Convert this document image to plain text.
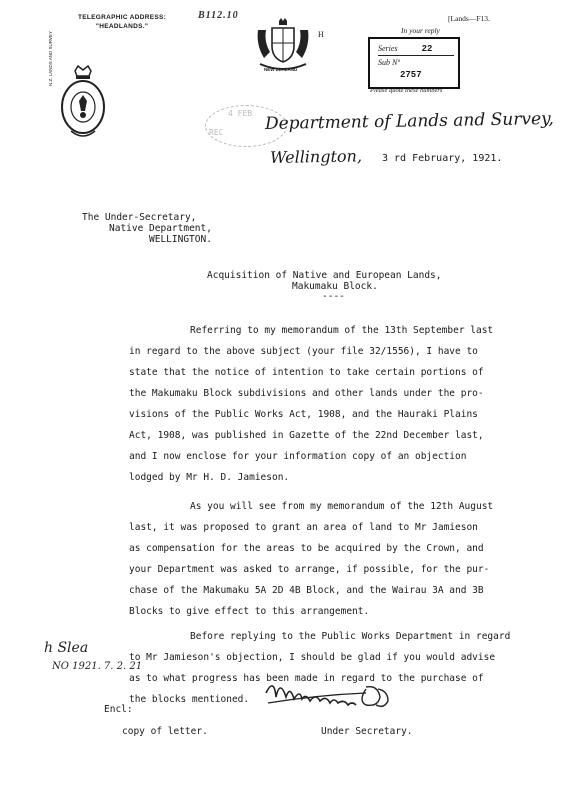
TELEGRAPHIC ADDRESS:
"HEADLANDS."
B112.10	[Lands—F13.
N.Z. LANDS AND SURVEY	H
NEW ZEALAND
In your reply
Series	22
Sub Nº
2757
Please quote these numbers
4 FEB
REC Department of Lands and Survey,
Wellington, 3 rd February, 1921.
The Under-Secretary,
Native Department,
WELLINGTON.
Acquisition of Native and European Lands,
Makumaku Block.
----
Referring to my memorandum of the 13th September last
in regard to the above subject (your file 32/1556), I have to
state that the notice of intention to take certain portions of
the Makumaku Block subdivisions and other lands under the pro-
visions of the Public Works Act, 1908, and the Hauraki Plains
Act, 1908, was published in Gazette of the 22nd December last,
and I now enclose for your information copy of an objection
lodged by Mr H. D. Jamieson.
As you will see from my memorandum of the 12th August
last, it was proposed to grant an area of land to Mr Jamieson
as compensation for the areas to be acquired by the Crown, and
your Department was asked to arrange, if possible, for the pur-
chase of the Makumaku 5A 2D 4B Block, and the Wairau 3A and 3B
Blocks to give effect to this arrangement.
Before replying to the Public Works Department in regard
to Mr Jamieson's objection, I should be glad if you would advise
as to what progress has been made in regard to the purchase of
the blocks mentioned.
h Slea
NO 1921. 7. 2. 21
Encl:
copy of letter.	Under Secretary.
